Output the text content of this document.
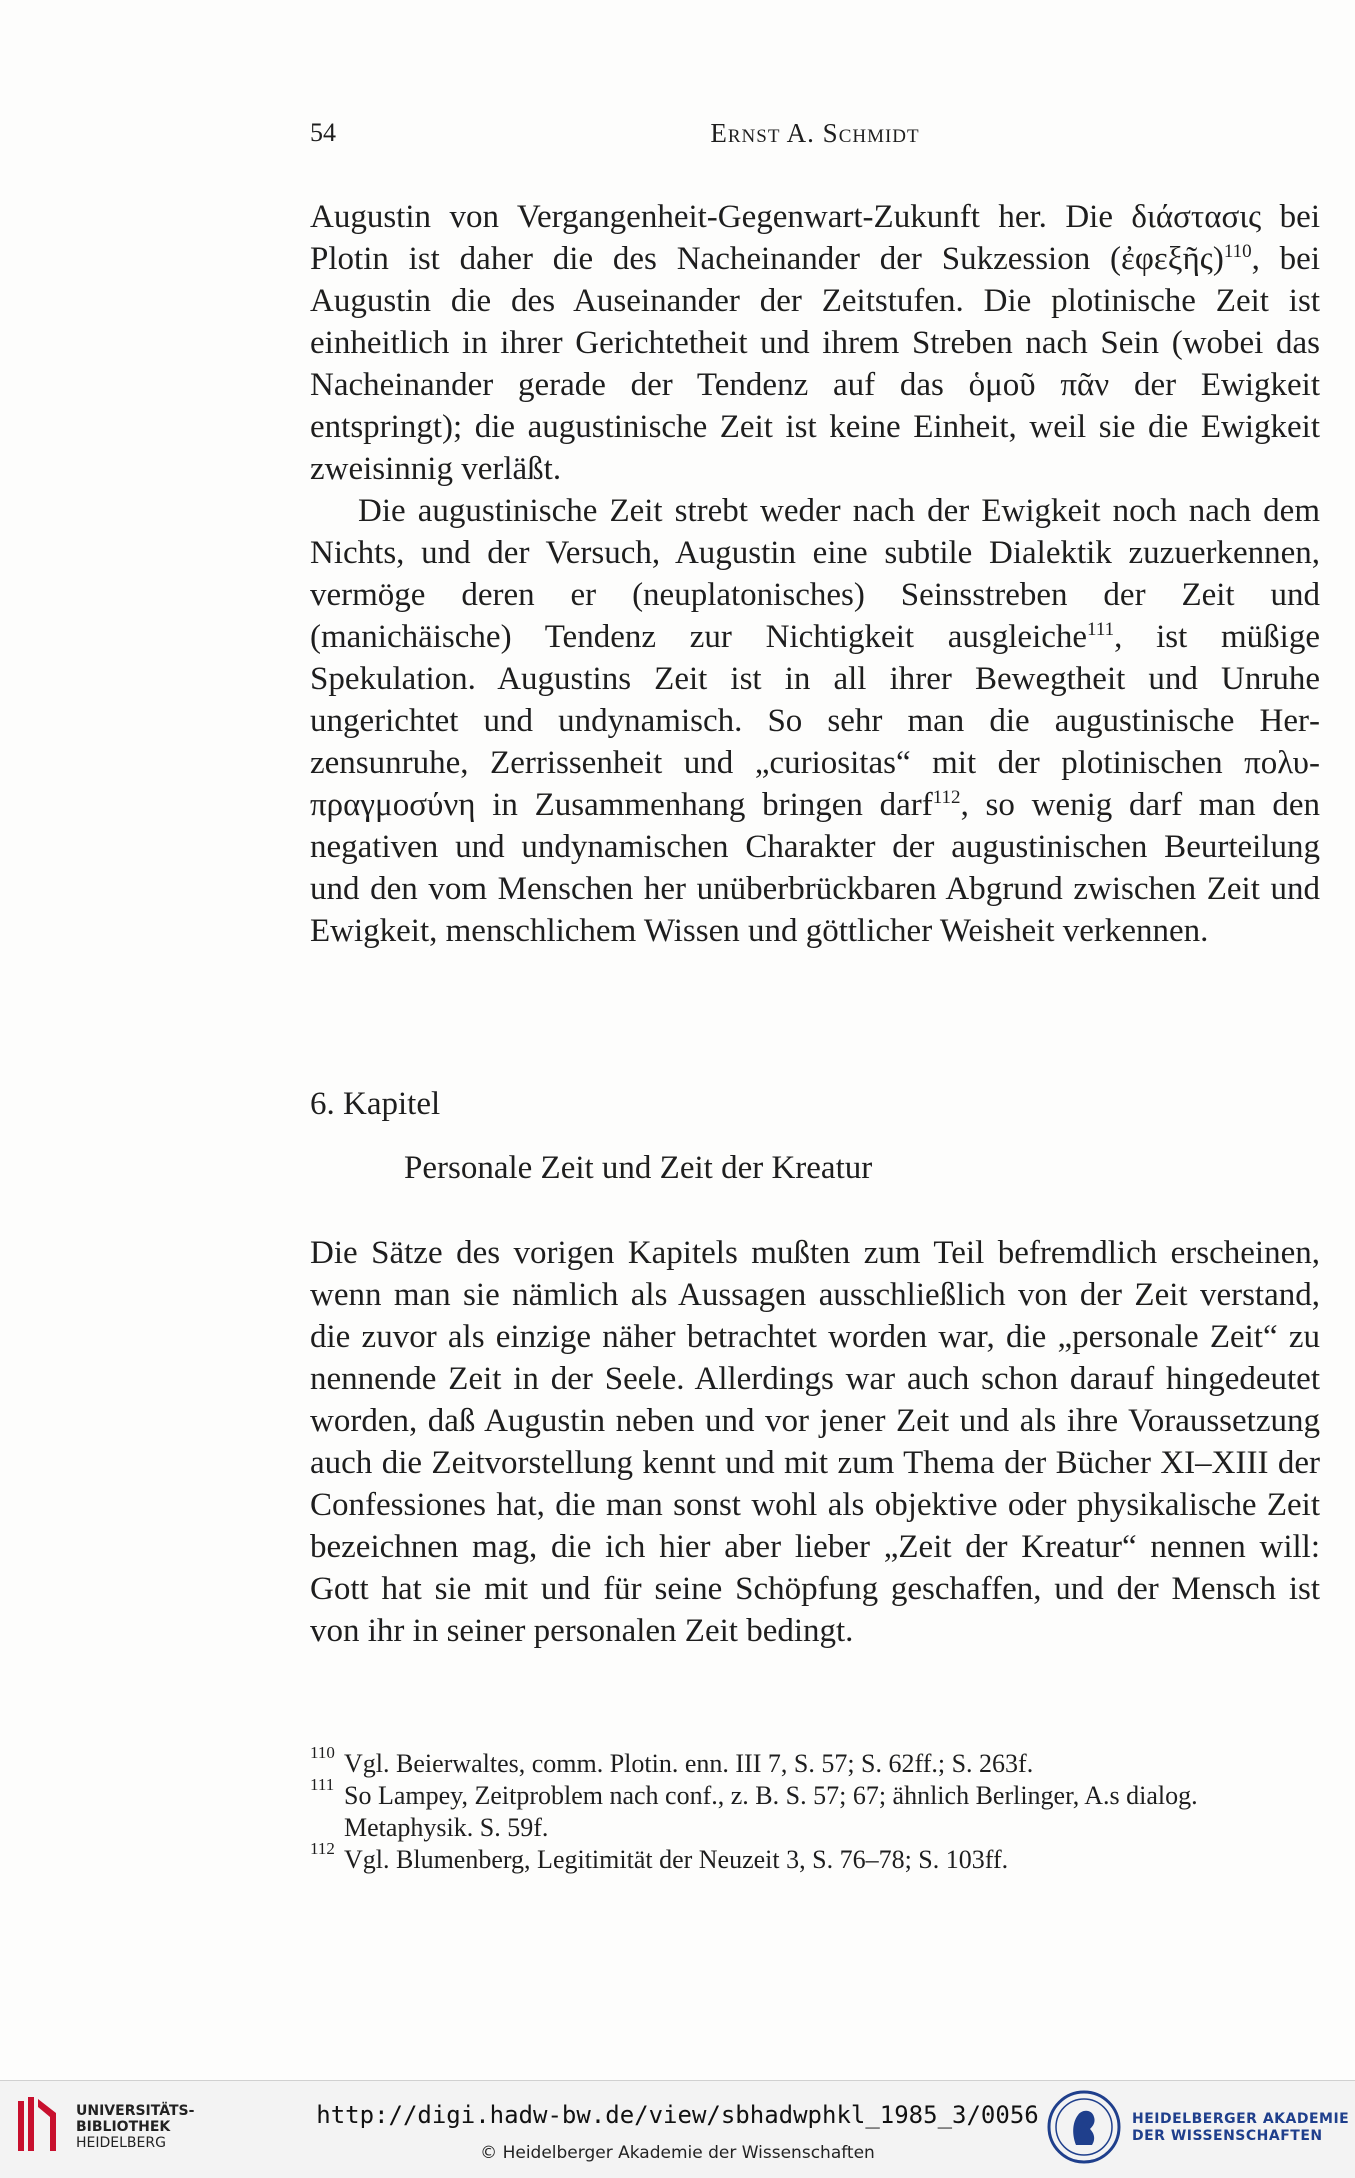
54	Ernst A. Schmidt

Augustin von Vergangenheit-Gegenwart-Zukunft her. Die διάστασις bei Plotin ist daher die des Nacheinander der Sukzession (ἐφεξῆς)$^{110}$, bei Augustin die des Auseinander der Zeitstufen. Die plotinische Zeit ist einheitlich in ihrer Gerichtetheit und ihrem Streben nach Sein (wobei das Nacheinander gerade der Tendenz auf das ὁμοῦ πᾶν der Ewigkeit entspringt); die augustinische Zeit ist keine Einheit, weil sie die Ewigkeit zweisinnig verläßt.

Die augustinische Zeit strebt weder nach der Ewigkeit noch nach dem Nichts, und der Versuch, Augustin eine subtile Dialektik zuzuerkennen, vermöge deren er (neuplatonisches) Seinsstreben der Zeit und (manichäische) Tendenz zur Nichtigkeit ausgleiche$^{111}$, ist müßige Spekulation. Augustins Zeit ist in all ihrer Bewegtheit und Unruhe ungerichtet und undynamisch. So sehr man die augustinische Herzensunruhe, Zerrissenheit und „curiositas“ mit der plotinischen πολυπραγμοσύνη in Zusammenhang bringen darf$^{112}$, so wenig darf man den negativen und undynamischen Charakter der augustinischen Beurteilung und den vom Menschen her unüberbrückbaren Abgrund zwischen Zeit und Ewigkeit, menschlichem Wissen und göttlicher Weisheit verkennen.

6. Kapitel
Personale Zeit und Zeit der Kreatur

Die Sätze des vorigen Kapitels mußten zum Teil befremdlich erscheinen, wenn man sie nämlich als Aussagen ausschließlich von der Zeit verstand, die zuvor als einzige näher betrachtet worden war, die „personale Zeit“ zu nennende Zeit in der Seele. Allerdings war auch schon darauf hingedeutet worden, daß Augustin neben und vor jener Zeit und als ihre Voraussetzung auch die Zeitvorstellung kennt und mit zum Thema der Bücher XI–XIII der Confessiones hat, die man sonst wohl als objektive oder physikalische Zeit bezeichnen mag, die ich hier aber lieber „Zeit der Kreatur“ nennen will: Gott hat sie mit und für seine Schöpfung geschaffen, und der Mensch ist von ihr in seiner personalen Zeit bedingt.

110 Vgl. Beierwaltes, comm. Plotin. enn. III 7, S. 57; S. 62ff.; S. 263f.
111 So Lampey, Zeitproblem nach conf., z. B. S. 57; 67; ähnlich Berlinger, A.s dialog. Metaphysik. S. 59f.
112 Vgl. Blumenberg, Legitimität der Neuzeit 3, S. 76–78; S. 103ff.
UNIVERSITÄTS-
BIBLIOTHEK
HEIDELBERG
http://digi.hadw-bw.de/view/sbhadwphkl_1985_3/0056
© Heidelberger Akademie der Wissenschaften
HEIDELBERGER AKADEMIE
DER WISSENSCHAFTEN
